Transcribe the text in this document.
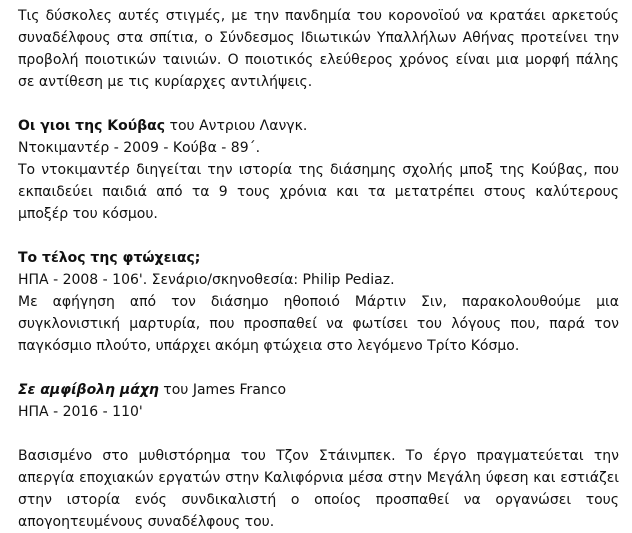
Τις δύσκολες αυτές στιγμές, με την πανδημία του κορονοϊού να κρατάει αρκετούς συναδέλφους στα σπίτια, ο Σύνδεσμος Ιδιωτικών Υπαλλήλων Αθήνας προτείνει την προβολή ποιοτικών ταινιών. Ο ποιοτικός ελεύθερος χρόνος είναι μια μορφή πάλης σε αντίθεση με τις κυρίαρχες αντιλήψεις.

Οι γιοι της Κούβας του Αντριου Λανγκ.
Ντοκιμαντέρ - 2009 - Κούβα - 89΄.
Το ντοκιμαντέρ διηγείται την ιστορία της διάσημης σχολής μποξ της Κούβας, που εκπαιδεύει παιδιά από τα 9 τους χρόνια και τα μετατρέπει στους καλύτερους μποξέρ του κόσμου.
Το τέλος της φτώχειας;
ΗΠΑ - 2008 - 106'. Σενάριο/σκηνοθεσία: Philip Pediaz.
Με αφήγηση από τον διάσημο ηθοποιό Μάρτιν Σιν, παρακολουθούμε μια συγκλονιστική μαρτυρία, που προσπαθεί να φωτίσει του λόγους που, παρά τον παγκόσμιο πλούτο, υπάρχει ακόμη φτώχεια στο λεγόμενο Τρίτο Κόσμο.
Σε αμφίβολη μάχη του James Franco
ΗΠΑ - 2016 - 110'

Βασισμένο στο μυθιστόρημα του Τζον Στάινμπεκ. Το έργο πραγματεύεται την απεργία εποχιακών εργατών στην Καλιφόρνια μέσα στην Μεγάλη ύφεση και εστιάζει στην ιστορία ενός συνδικαλιστή ο οποίος προσπαθεί να οργανώσει τους απογοητευμένους συναδέλφους του.
